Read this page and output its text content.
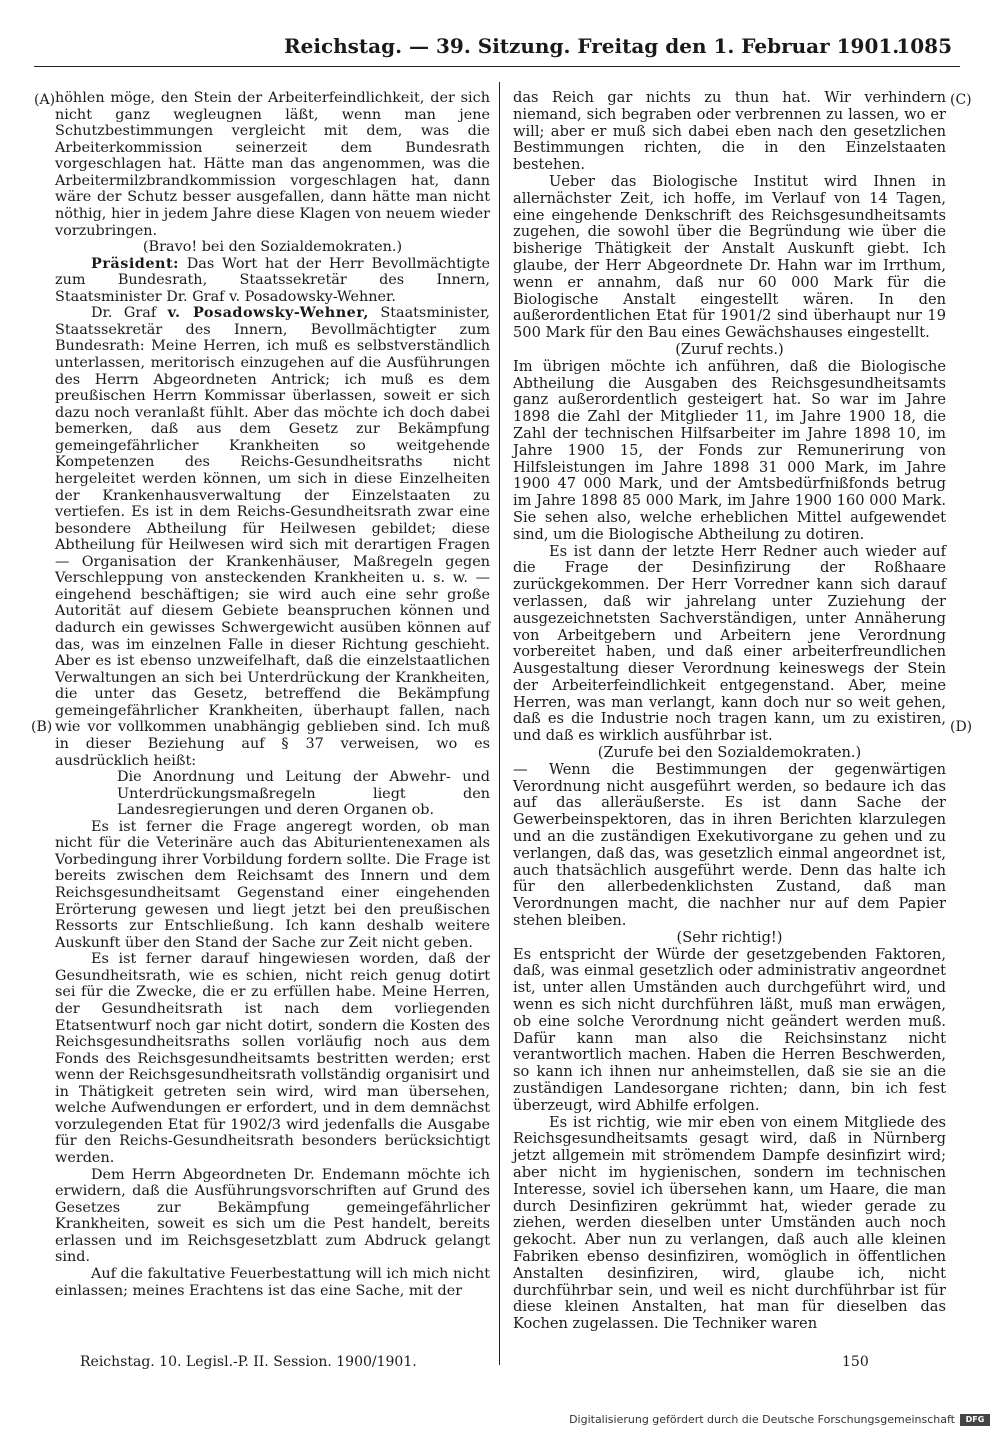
Reichstag. — 39. Sitzung. Freitag den 1. Februar 1901.
1085
(A)
(B)
(C)
(D)

höhlen möge, den Stein der Arbeiterfeindlichkeit, der sich nicht ganz wegleugnen läßt, wenn man jene Schutzbestimmungen vergleicht mit dem, was die Arbeiterkommission seinerzeit dem Bundesrath vorgeschlagen hat. Hätte man das angenommen, was die Arbeitermilzbrandkommission vorgeschlagen hat, dann wäre der Schutz besser ausgefallen, dann hätte man nicht nöthig, hier in jedem Jahre diese Klagen von neuem wieder vorzubringen.

(Bravo! bei den Sozialdemokraten.)

Präsident: Das Wort hat der Herr Bevollmächtigte zum Bundesrath, Staatssekretär des Innern, Staatsminister Dr. Graf v. Posadowsky-Wehner.

Dr. Graf v. Posadowsky-Wehner, Staatsminister, Staatssekretär des Innern, Bevollmächtigter zum Bundesrath: Meine Herren, ich muß es selbstverständlich unterlassen, meritorisch einzugehen auf die Ausführungen des Herrn Abgeordneten Antrick; ich muß es dem preußischen Herrn Kommissar überlassen, soweit er sich dazu noch veranlaßt fühlt. Aber das möchte ich doch dabei bemerken, daß aus dem Gesetz zur Bekämpfung gemeingefährlicher Krankheiten so weitgehende Kompetenzen des Reichs-Gesundheitsraths nicht hergeleitet werden können, um sich in diese Einzelheiten der Krankenhausverwaltung der Einzelstaaten zu vertiefen. Es ist in dem Reichs-Gesundheitsrath zwar eine besondere Abtheilung für Heilwesen gebildet; diese Abtheilung für Heilwesen wird sich mit derartigen Fragen — Organisation der Krankenhäuser, Maßregeln gegen Verschleppung von ansteckenden Krankheiten u. s. w. — eingehend beschäftigen; sie wird auch eine sehr große Autorität auf diesem Gebiete beanspruchen können und dadurch ein gewisses Schwergewicht ausüben können auf das, was im einzelnen Falle in dieser Richtung geschieht. Aber es ist ebenso unzweifelhaft, daß die einzelstaatlichen Verwaltungen an sich bei Unterdrückung der Krankheiten, die unter das Gesetz, betreffend die Bekämpfung gemeingefährlicher Krankheiten, überhaupt fallen, nach wie vor vollkommen unabhängig geblieben sind. Ich muß in dieser Beziehung auf § 37 verweisen, wo es ausdrücklich heißt:

Die Anordnung und Leitung der Abwehr- und Unterdrückungsmaßregeln liegt den Landesregierungen und deren Organen ob.

Es ist ferner die Frage angeregt worden, ob man nicht für die Veterinäre auch das Abiturientenexamen als Vorbedingung ihrer Vorbildung fordern sollte. Die Frage ist bereits zwischen dem Reichsamt des Innern und dem Reichsgesundheitsamt Gegenstand einer eingehenden Erörterung gewesen und liegt jetzt bei den preußischen Ressorts zur Entschließung. Ich kann deshalb weitere Auskunft über den Stand der Sache zur Zeit nicht geben.

Es ist ferner darauf hingewiesen worden, daß der Gesundheitsrath, wie es schien, nicht reich genug dotirt sei für die Zwecke, die er zu erfüllen habe. Meine Herren, der Gesundheitsrath ist nach dem vorliegenden Etatsentwurf noch gar nicht dotirt, sondern die Kosten des Reichsgesundheitsraths sollen vorläufig noch aus dem Fonds des Reichsgesundheitsamts bestritten werden; erst wenn der Reichsgesundheitsrath vollständig organisirt und in Thätigkeit getreten sein wird, wird man übersehen, welche Aufwendungen er erfordert, und in dem demnächst vorzulegenden Etat für 1902/3 wird jedenfalls die Ausgabe für den Reichs-Gesundheitsrath besonders berücksichtigt werden.

Dem Herrn Abgeordneten Dr. Endemann möchte ich erwidern, daß die Ausführungsvorschriften auf Grund des Gesetzes zur Bekämpfung gemeingefährlicher Krankheiten, soweit es sich um die Pest handelt, bereits erlassen und im Reichsgesetzblatt zum Abdruck gelangt sind.

Auf die fakultative Feuerbestattung will ich mich nicht einlassen; meines Erachtens ist das eine Sache, mit der

das Reich gar nichts zu thun hat. Wir verhindern niemand, sich begraben oder verbrennen zu lassen, wo er will; aber er muß sich dabei eben nach den gesetzlichen Bestimmungen richten, die in den Einzelstaaten bestehen.

Ueber das Biologische Institut wird Ihnen in allernächster Zeit, ich hoffe, im Verlauf von 14 Tagen, eine eingehende Denkschrift des Reichsgesundheitsamts zugehen, die sowohl über die Begründung wie über die bisherige Thätigkeit der Anstalt Auskunft giebt. Ich glaube, der Herr Abgeordnete Dr. Hahn war im Irrthum, wenn er annahm, daß nur 60 000 Mark für die Biologische Anstalt eingestellt wären. In den außerordentlichen Etat für 1901/2 sind überhaupt nur 19 500 Mark für den Bau eines Gewächshauses eingestellt.

(Zuruf rechts.)

Im übrigen möchte ich anführen, daß die Biologische Abtheilung die Ausgaben des Reichsgesundheitsamts ganz außerordentlich gesteigert hat. So war im Jahre 1898 die Zahl der Mitglieder 11, im Jahre 1900 18, die Zahl der technischen Hilfsarbeiter im Jahre 1898 10, im Jahre 1900 15, der Fonds zur Remunerirung von Hilfsleistungen im Jahre 1898 31 000 Mark, im Jahre 1900 47 000 Mark, und der Amtsbedürfnißfonds betrug im Jahre 1898 85 000 Mark, im Jahre 1900 160 000 Mark. Sie sehen also, welche erheblichen Mittel aufgewendet sind, um die Biologische Abtheilung zu dotiren.

Es ist dann der letzte Herr Redner auch wieder auf die Frage der Desinfizirung der Roßhaare zurückgekommen. Der Herr Vorredner kann sich darauf verlassen, daß wir jahrelang unter Zuziehung der ausgezeichnetsten Sachverständigen, unter Annäherung von Arbeitgebern und Arbeitern jene Verordnung vorbereitet haben, und daß einer arbeiterfreundlichen Ausgestaltung dieser Verordnung keineswegs der Stein der Arbeiterfeindlichkeit entgegenstand. Aber, meine Herren, was man verlangt, kann doch nur so weit gehen, daß es die Industrie noch tragen kann, um zu existiren, und daß es wirklich ausführbar ist.

(Zurufe bei den Sozialdemokraten.)

— Wenn die Bestimmungen der gegenwärtigen Verordnung nicht ausgeführt werden, so bedaure ich das auf das alleräußerste. Es ist dann Sache der Gewerbeinspektoren, das in ihren Berichten klarzulegen und an die zuständigen Exekutivorgane zu gehen und zu verlangen, daß das, was gesetzlich einmal angeordnet ist, auch thatsächlich ausgeführt werde. Denn das halte ich für den allerbedenklichsten Zustand, daß man Verordnungen macht, die nachher nur auf dem Papier stehen bleiben.

(Sehr richtig!)

Es entspricht der Würde der gesetzgebenden Faktoren, daß, was einmal gesetzlich oder administrativ angeordnet ist, unter allen Umständen auch durchgeführt wird, und wenn es sich nicht durchführen läßt, muß man erwägen, ob eine solche Verordnung nicht geändert werden muß. Dafür kann man also die Reichsinstanz nicht verantwortlich machen. Haben die Herren Beschwerden, so kann ich ihnen nur anheimstellen, daß sie sie an die zuständigen Landesorgane richten; dann, bin ich fest überzeugt, wird Abhilfe erfolgen.

Es ist richtig, wie mir eben von einem Mitgliede des Reichsgesundheitsamts gesagt wird, daß in Nürnberg jetzt allgemein mit strömendem Dampfe desinfizirt wird; aber nicht im hygienischen, sondern im technischen Interesse, soviel ich übersehen kann, um Haare, die man durch Desinfiziren gekrümmt hat, wieder gerade zu ziehen, werden dieselben unter Umständen auch noch gekocht. Aber nun zu verlangen, daß auch alle kleinen Fabriken ebenso desinfiziren, womöglich in öffentlichen Anstalten desinfiziren, wird, glaube ich, nicht durchführbar sein, und weil es nicht durchführbar ist für diese kleinen Anstalten, hat man für dieselben das Kochen zugelassen. Die Techniker waren

Reichstag. 10. Legisl.-P. II. Session. 1900/1901.	150
Digitalisierung gefördert durch die Deutsche Forschungsgemeinschaft	DFG
